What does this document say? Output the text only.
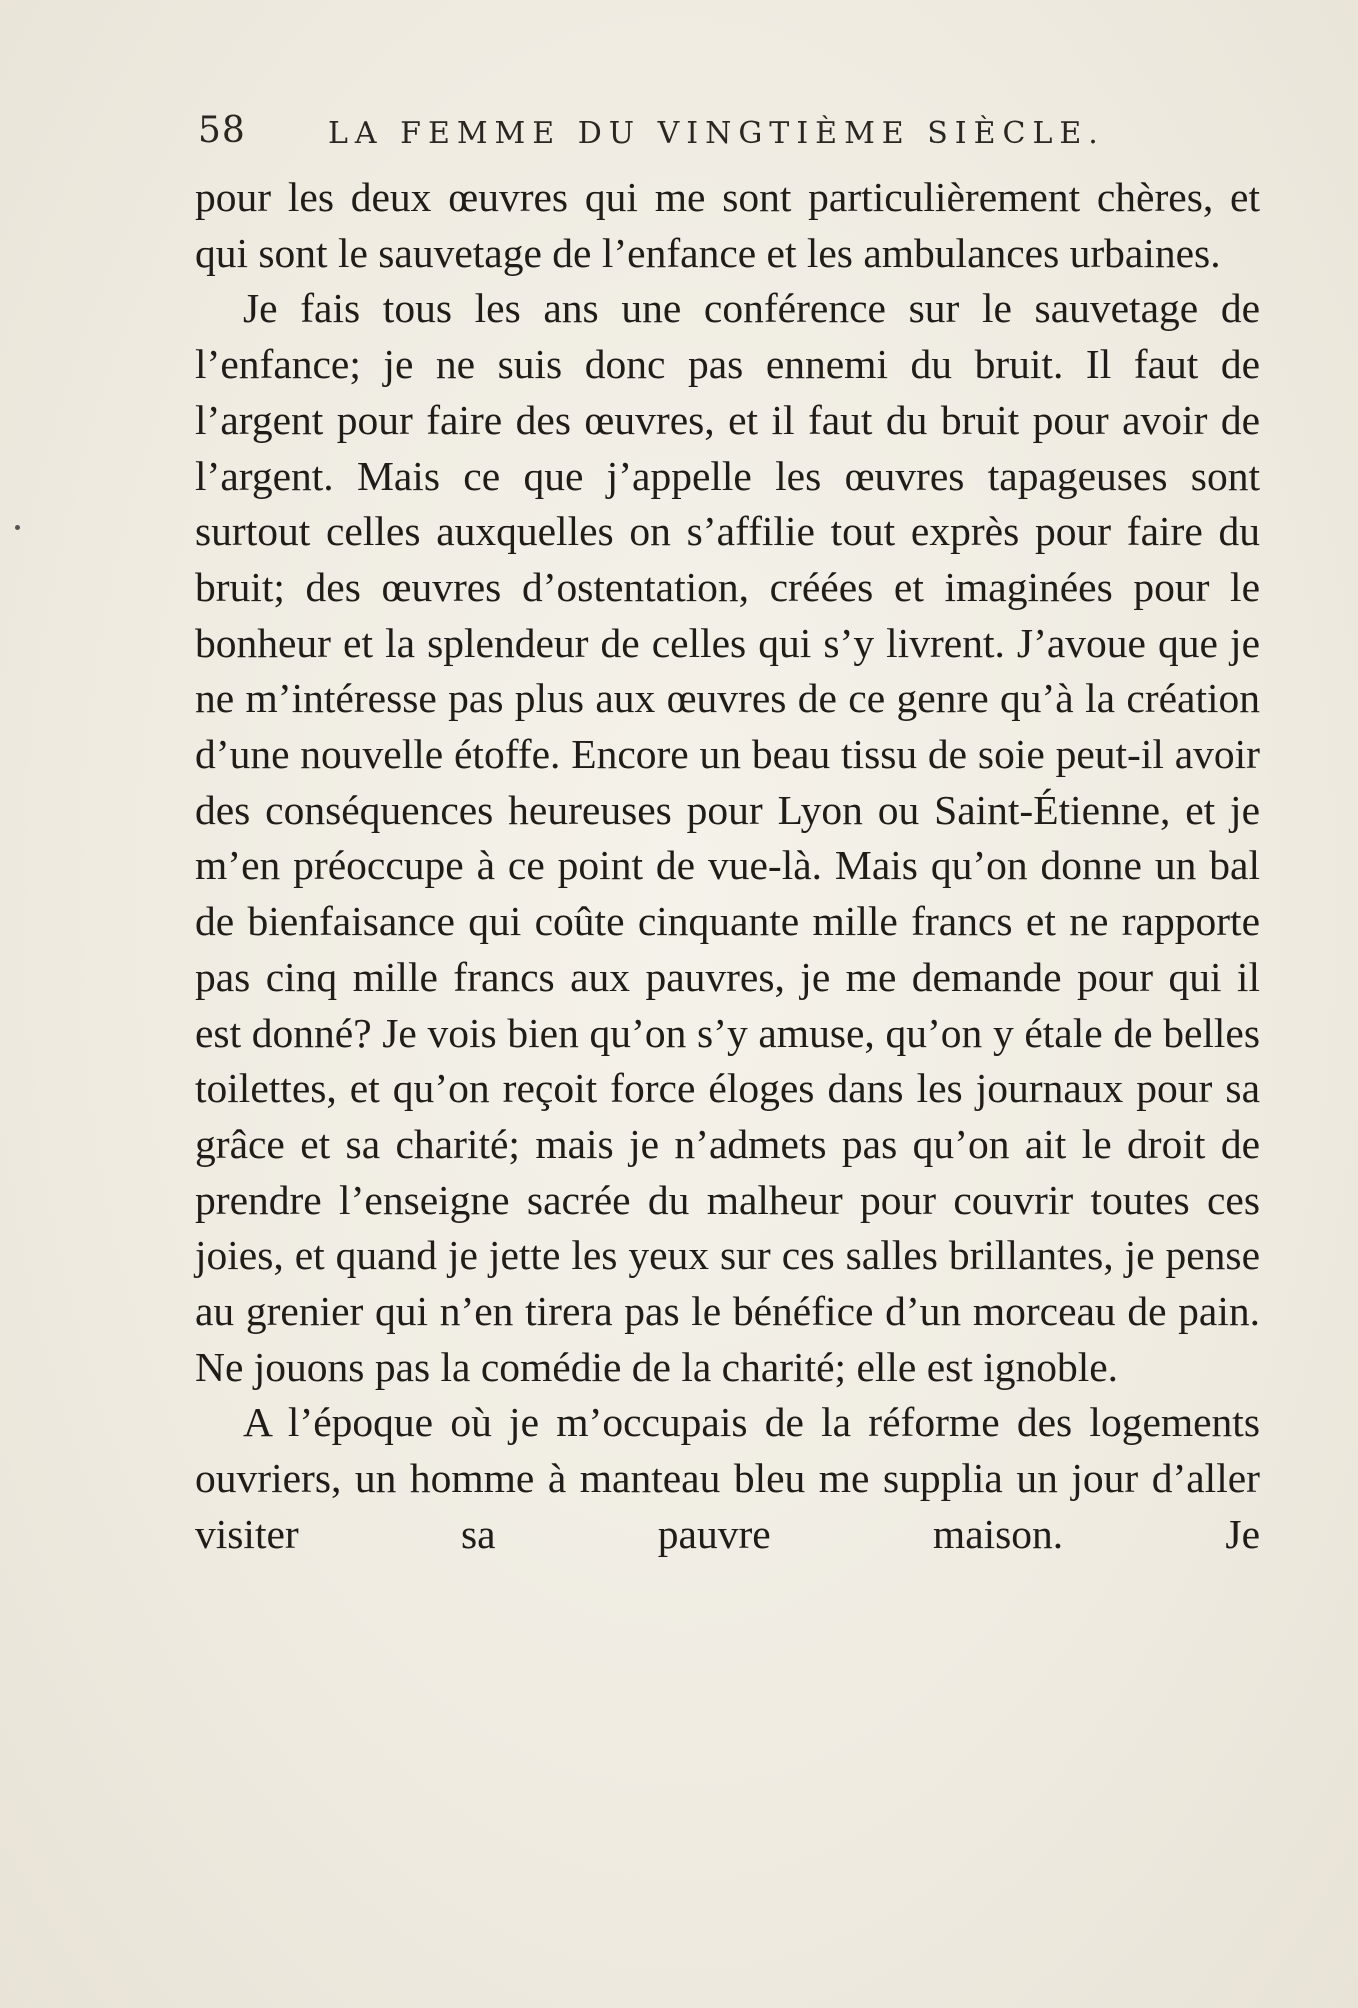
58	LA FEMME DU VINGTIÈME SIÈCLE.

pour les deux œuvres qui me sont particulièrement chères, et qui sont le sauvetage de l’enfance et les ambulances urbaines.

Je fais tous les ans une conférence sur le sauvetage de l’enfance; je ne suis donc pas ennemi du bruit. Il faut de l’argent pour faire des œuvres, et il faut du bruit pour avoir de l’argent. Mais ce que j’appelle les œuvres tapageuses sont surtout celles auxquelles on s’affilie tout exprès pour faire du bruit; des œuvres d’ostentation, créées et imaginées pour le bonheur et la splendeur de celles qui s’y livrent. J’avoue que je ne m’intéresse pas plus aux œuvres de ce genre qu’à la création d’une nouvelle étoffe. Encore un beau tissu de soie peut-il avoir des conséquences heureuses pour Lyon ou Saint-Étienne, et je m’en préoccupe à ce point de vue-là. Mais qu’on donne un bal de bienfaisance qui coûte cinquante mille francs et ne rapporte pas cinq mille francs aux pauvres, je me demande pour qui il est donné? Je vois bien qu’on s’y amuse, qu’on y étale de belles toilettes, et qu’on reçoit force éloges dans les journaux pour sa grâce et sa charité; mais je n’admets pas qu’on ait le droit de prendre l’enseigne sacrée du malheur pour couvrir toutes ces joies, et quand je jette les yeux sur ces salles brillantes, je pense au grenier qui n’en tirera pas le bénéfice d’un morceau de pain. Ne jouons pas la comédie de la charité; elle est ignoble.

A l’époque où je m’occupais de la réforme des logements ouvriers, un homme à manteau bleu me supplia un jour d’aller visiter sa pauvre maison. Je
